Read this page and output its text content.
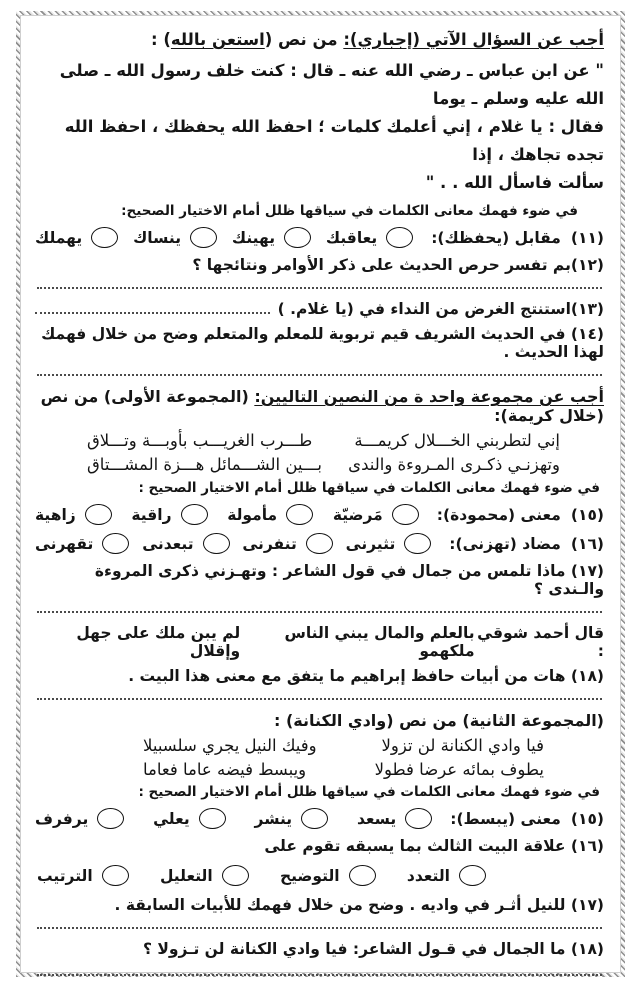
أجب عن السؤال الآتي (إجباري): من نص (استعن بالله) :

" عن ابن عباس ـ رضي الله عنه ـ قال : كنت خلف رسول الله ـ صلى الله عليه وسلم ـ يوما

فقال : يا غلام ، إني أعلمك كلمات ؛ احفظ الله يحفظك ، احفظ الله تجده تجاهك ، إذا

سألت فاسأل الله . . "

في ضوء فهمك معانى الكلمات في سياقها ظلل أمام الاختيار الصحيح:
(١١)
مقابل (يحفظك):
يعاقبك
يهينك
ينساك
يهملك
(١٢)بم تفسر حرص الحديث على ذكر الأوامر ونتائجها ؟
(١٣)استنتج الغرض من النداء في (يا غلام. )
(١٤) في الحديث الشريف قيم تربوية للمعلم والمتعلم وضح من خلال فهمك لهذا الحديث .
أجب عن مجموعة واحد ة من النصين التاليين: (المجموعة الأولى) من نص (خلال كريمة):
إني لتطربني الخـــلال كريمـــة
طـــرب الغريـــب بأوبـــة وتـــلاق
وتهزنـي ذكـرى المـروءة والندى
بـــين الشـــمائل هـــزة المشـــتاق
في ضوء فهمك معانى الكلمات في سياقها ظلل أمام الاختيار الصحيح :
(١٥)
معنى (محمودة):
مَرضيّة
مأمولة
راقية
زاهية
(١٦)
مضاد (تهزنى):
تثيرنى
تنفرنى
تبعدنى
تقهرنى
(١٧) ماذا تلمس من جمال في قول الشاعر : وتهـزني ذكرى المروءة والـندى ؟
قال أحمد شوقي :
بالعلم والمال يبني الناس ملكهمو
لم يبن ملك على جهل وإقلال
(١٨) هات من أبيات حافظ إبراهيم ما يتفق مع معنى هذا البيت .
(المجموعة الثانية) من نص (وادي الكنانة) :
فيا وادي الكنانة لن تزولا
وفيك النيل يجري سلسبيلا
يطوف بمائه عرضا فطولا
ويبسط فيضه عاما فعاما
في ضوء فهمك معانى الكلمات في سياقها ظلل أمام الاختيار الصحيح :
(١٥)
معنى (يبسط):
يسعد
ينشر
يعلي
يرفرف
(١٦) علاقة البيت الثالث بما يسبقه تقوم على
التعدد
التوضيح
التعليل
الترتيب
(١٧) للنيل أثـر في واديه . وضح من خلال فهمك للأبيات السابقة .
(١٨) ما الجمال في قـول الشاعر: فيا وادي الكنانة لن تـزولا ؟
